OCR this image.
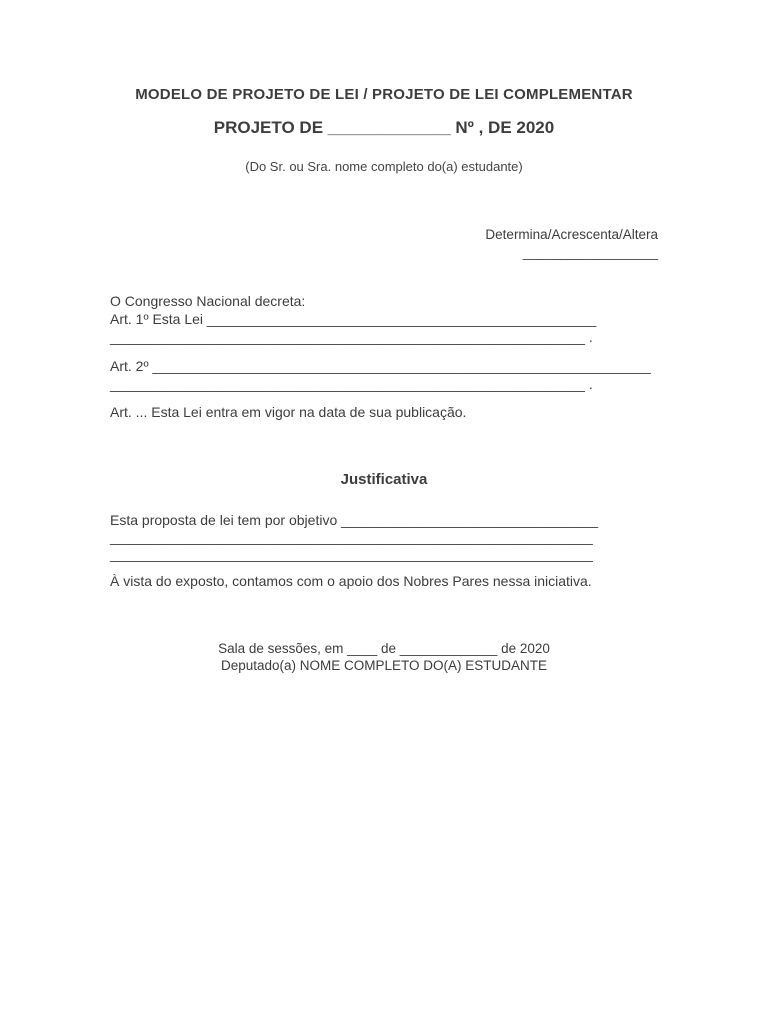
MODELO DE PROJETO DE LEI / PROJETO DE LEI COMPLEMENTAR
PROJETO DE _____________ Nº , DE 2020
(Do Sr. ou Sra. nome completo do(a) estudante)
Determina/Acrescenta/Altera
__________________
O Congresso Nacional decreta:
Art. 1º Esta Lei __________________________________________________
_____________________________________________________________ .
Art. 2º ________________________________________________________________
_____________________________________________________________ .
Art. ... Esta Lei entra em vigor na data de sua publicação.
Justificativa
Esta proposta de lei tem por objetivo _________________________________
______________________________________________________________
______________________________________________________________
À vista do exposto, contamos com o apoio dos Nobres Pares nessa iniciativa.
Sala de sessões, em ____ de _____________ de 2020
Deputado(a) NOME COMPLETO DO(A) ESTUDANTE
